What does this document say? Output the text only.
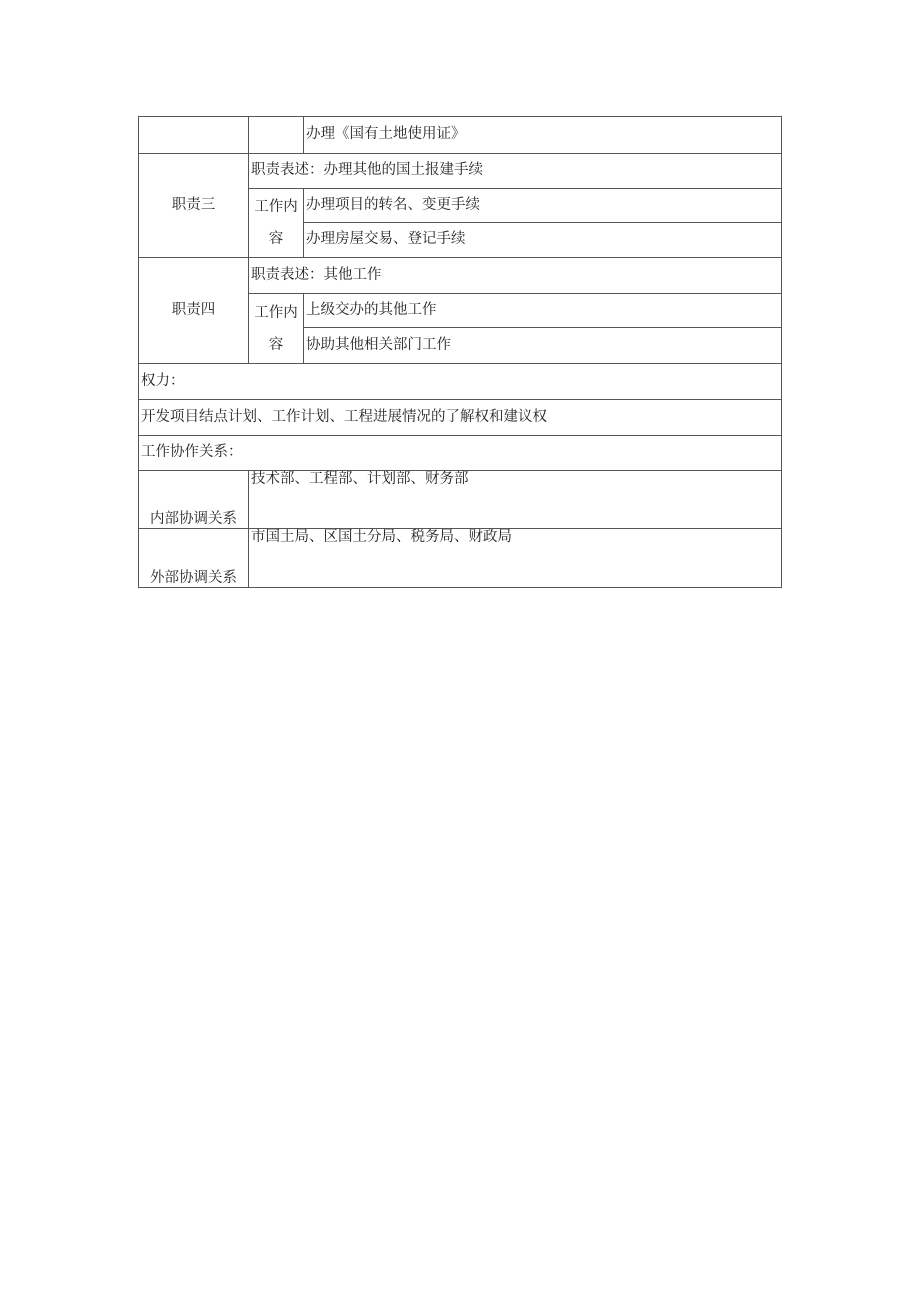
		办理《国有土地使用证》
职责三	职责表述：办理其他的国土报建手续	
	工作内容	办理项目的转名、变更手续
		办理房屋交易、登记手续
职责四	职责表述：其他工作	
	工作内容	上级交办的其他工作
		协助其他相关部门工作
权力：		
开发项目结点计划、工作计划、工程进展情况的了解权和建议权		
工作协作关系：		
内部协调关系	技术部、工程部、计划部、财务部	
外部协调关系	市国土局、区国土分局、税务局、财政局	
